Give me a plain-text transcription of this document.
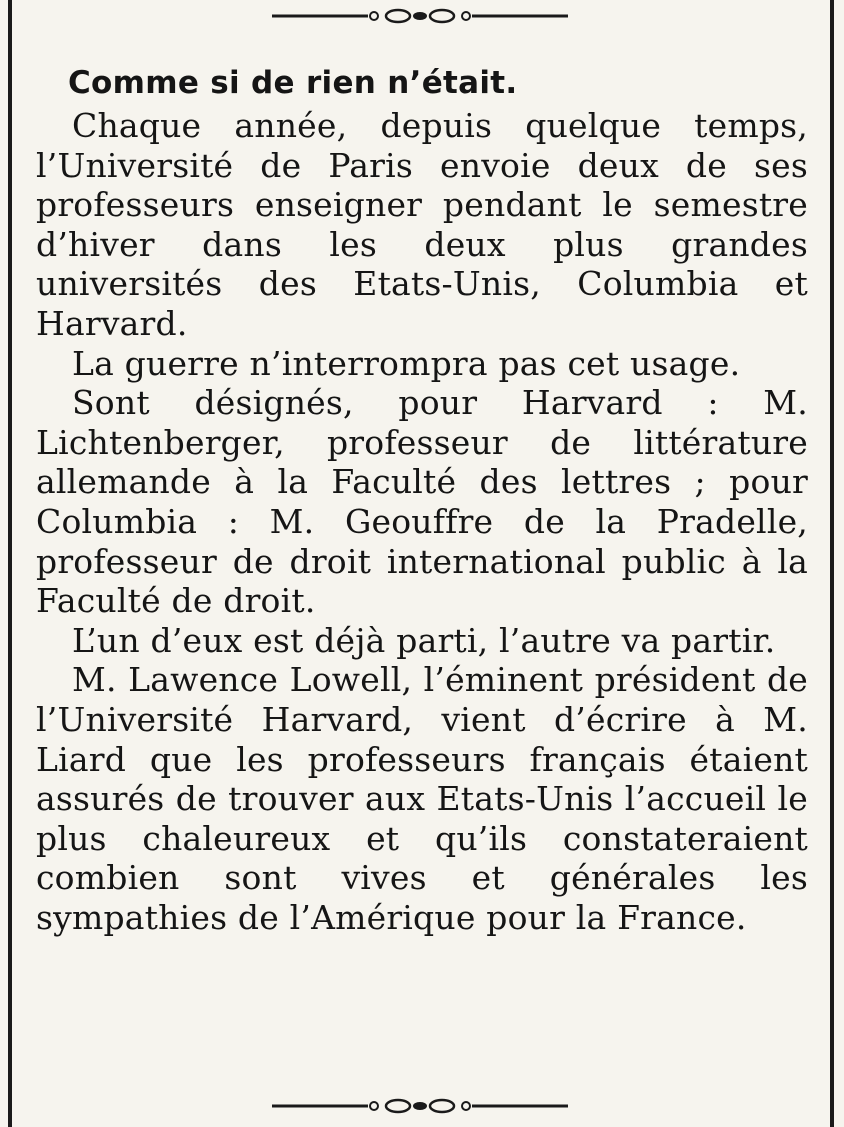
Comme si de rien n’était.

Chaque année, depuis quelque temps, l’Université de Paris envoie deux de ses professeurs enseigner pendant le semestre d’hiver dans les deux plus grandes universités des Etats-Unis, Columbia et Harvard.

La guerre n’interrompra pas cet usage.

Sont désignés, pour Harvard : M. Lichtenberger, professeur de littérature allemande à la Faculté des lettres ; pour Columbia : M. Geouffre de la Pradelle, professeur de droit international public à la Faculté de droit.

L’un d’eux est déjà parti, l’autre va partir.

M. Lawence Lowell, l’éminent président de l’Université Harvard, vient d’écrire à M. Liard que les professeurs français étaient assurés de trouver aux Etats-Unis l’accueil le plus chaleureux et qu’ils constateraient combien sont vives et générales les sympathies de l’Amérique pour la France.
